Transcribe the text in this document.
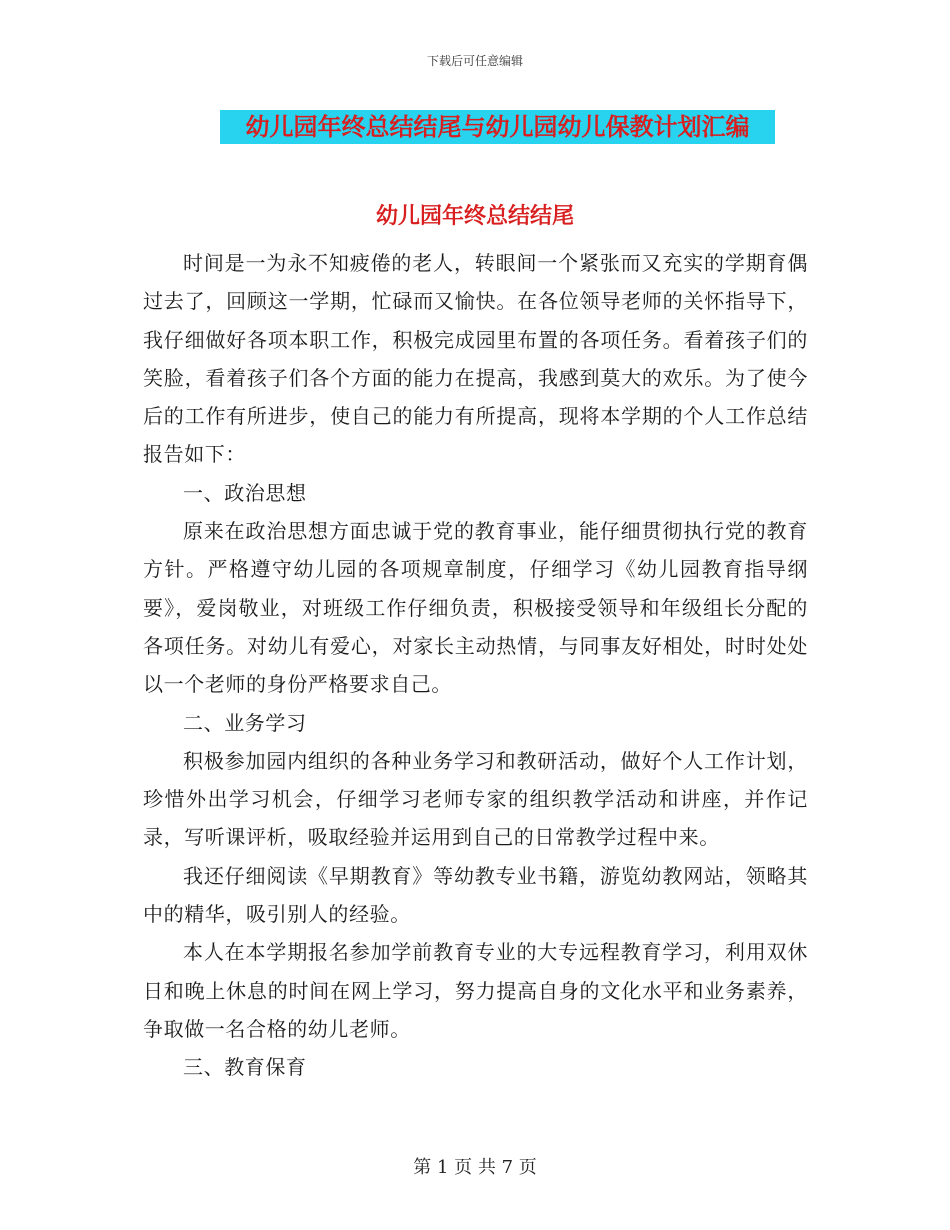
下载后可任意编辑
幼儿园年终总结结尾与幼儿园幼儿保教计划汇编
幼儿园年终总结结尾

时间是一为永不知疲倦的老人，转眼间一个紧张而又充实的学期育偶过去了，回顾这一学期，忙碌而又愉快。在各位领导老师的关怀指导下，我仔细做好各项本职工作，积极完成园里布置的各项任务。看着孩子们的笑脸，看着孩子们各个方面的能力在提高，我感到莫大的欢乐。为了使今后的工作有所进步，使自己的能力有所提高，现将本学期的个人工作总结报告如下：

一、政治思想

原来在政治思想方面忠诚于党的教育事业，能仔细贯彻执行党的教育方针。严格遵守幼儿园的各项规章制度，仔细学习《幼儿园教育指导纲要》，爱岗敬业，对班级工作仔细负责，积极接受领导和年级组长分配的各项任务。对幼儿有爱心，对家长主动热情，与同事友好相处，时时处处以一个老师的身份严格要求自己。

二、业务学习

积极参加园内组织的各种业务学习和教研活动，做好个人工作计划，珍惜外出学习机会，仔细学习老师专家的组织教学活动和讲座，并作记录，写听课评析，吸取经验并运用到自己的日常教学过程中来。

我还仔细阅读《早期教育》等幼教专业书籍，游览幼教网站，领略其中的精华，吸引别人的经验。

本人在本学期报名参加学前教育专业的大专远程教育学习，利用双休日和晚上休息的时间在网上学习，努力提高自身的文化水平和业务素养，争取做一名合格的幼儿老师。

三、教育保育

第 1 页 共 7 页
